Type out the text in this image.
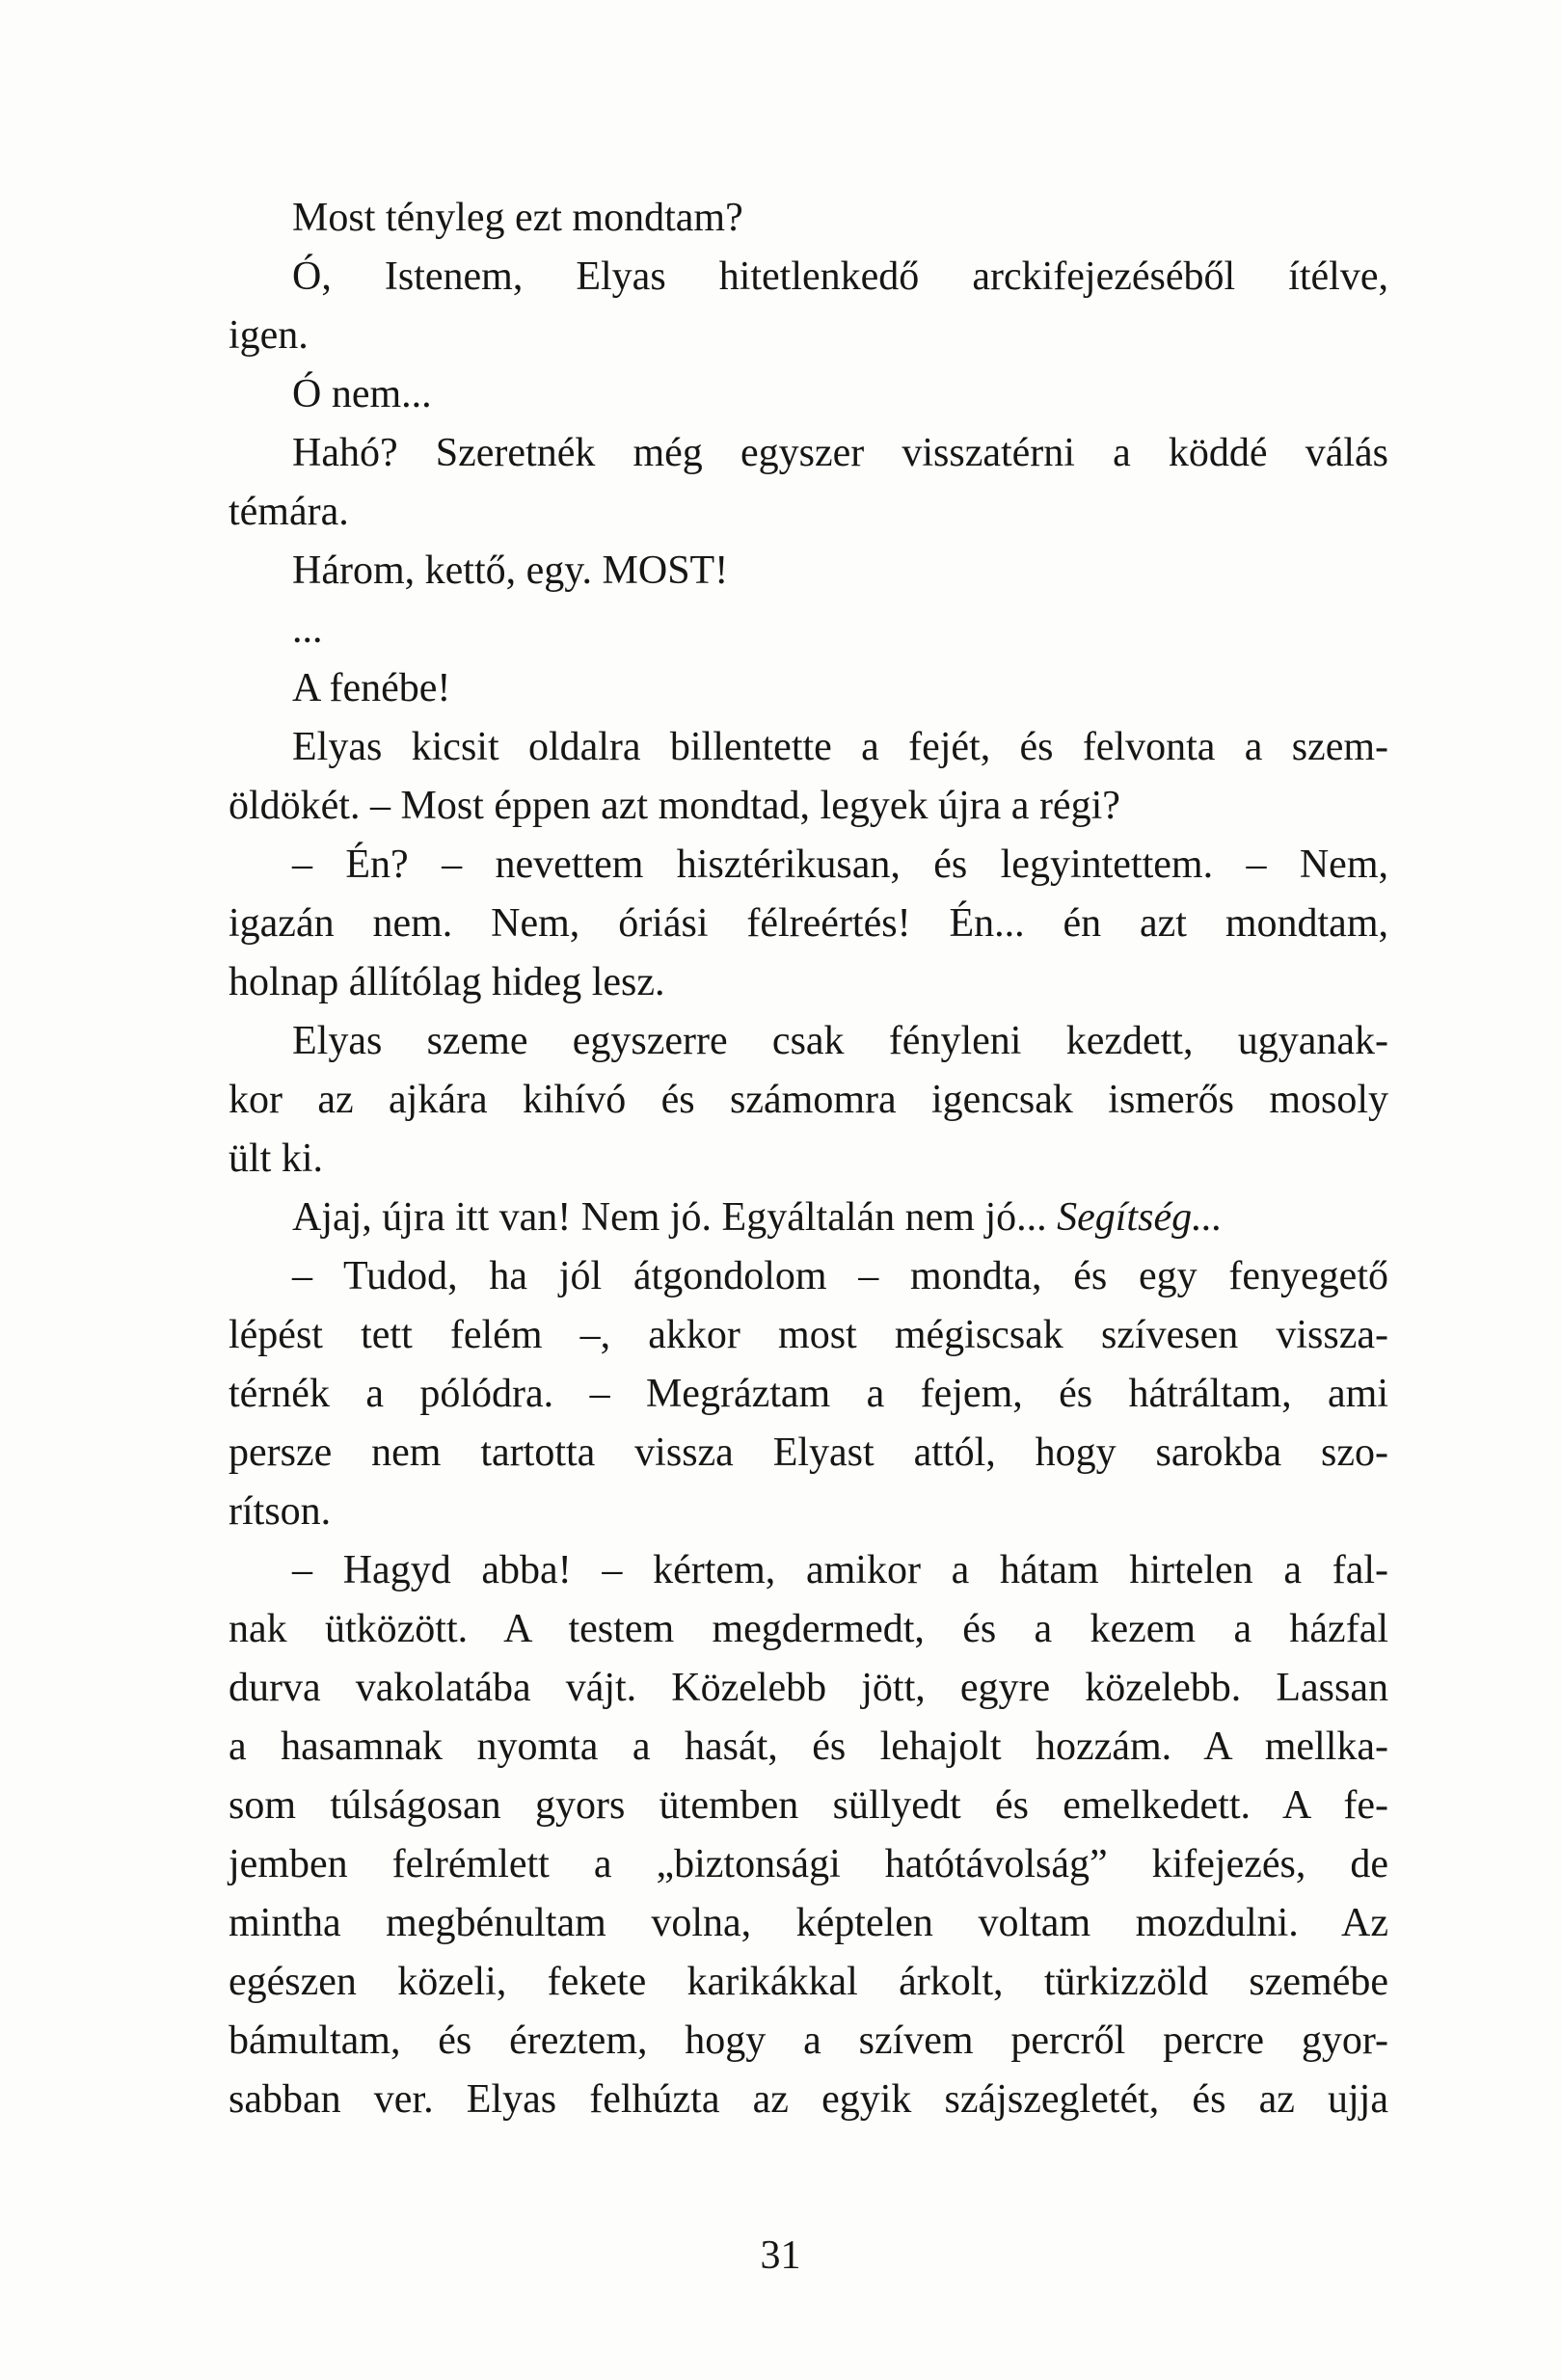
Most tényleg ezt mondtam?
Ó, Istenem, Elyas hitetlenkedő arckifejezéséből ítélve,
igen.
Ó nem...
Hahó? Szeretnék még egyszer visszatérni a köddé válás
témára.
Három, kettő, egy. MOST!
...
A fenébe!
Elyas kicsit oldalra billentette a fejét, és felvonta a szem-
öldökét. – Most éppen azt mondtad, legyek újra a régi?
– Én? – nevettem hisztérikusan, és legyintettem. – Nem,
igazán nem. Nem, óriási félreértés! Én... én azt mondtam,
holnap állítólag hideg lesz.
Elyas szeme egyszerre csak fényleni kezdett, ugyanak-
kor az ajkára kihívó és számomra igencsak ismerős mosoly
ült ki.
Ajaj, újra itt van! Nem jó. Egyáltalán nem jó... Segítség...
– Tudod, ha jól átgondolom – mondta, és egy fenyegető
lépést tett felém –, akkor most mégiscsak szívesen vissza-
térnék a pólódra. – Megráztam a fejem, és hátráltam, ami
persze nem tartotta vissza Elyast attól, hogy sarokba szo-
rítson.
– Hagyd abba! – kértem, amikor a hátam hirtelen a fal-
nak ütközött. A testem megdermedt, és a kezem a házfal
durva vakolatába vájt. Közelebb jött, egyre közelebb. Lassan
a hasamnak nyomta a hasát, és lehajolt hozzám. A mellka-
som túlságosan gyors ütemben süllyedt és emelkedett. A fe-
jemben felrémlett a „biztonsági hatótávolság” kifejezés, de
mintha megbénultam volna, képtelen voltam mozdulni. Az
egészen közeli, fekete karikákkal árkolt, türkizzöld szemébe
bámultam, és éreztem, hogy a szívem percről percre gyor-
sabban ver. Elyas felhúzta az egyik szájszegletét, és az ujja
31
